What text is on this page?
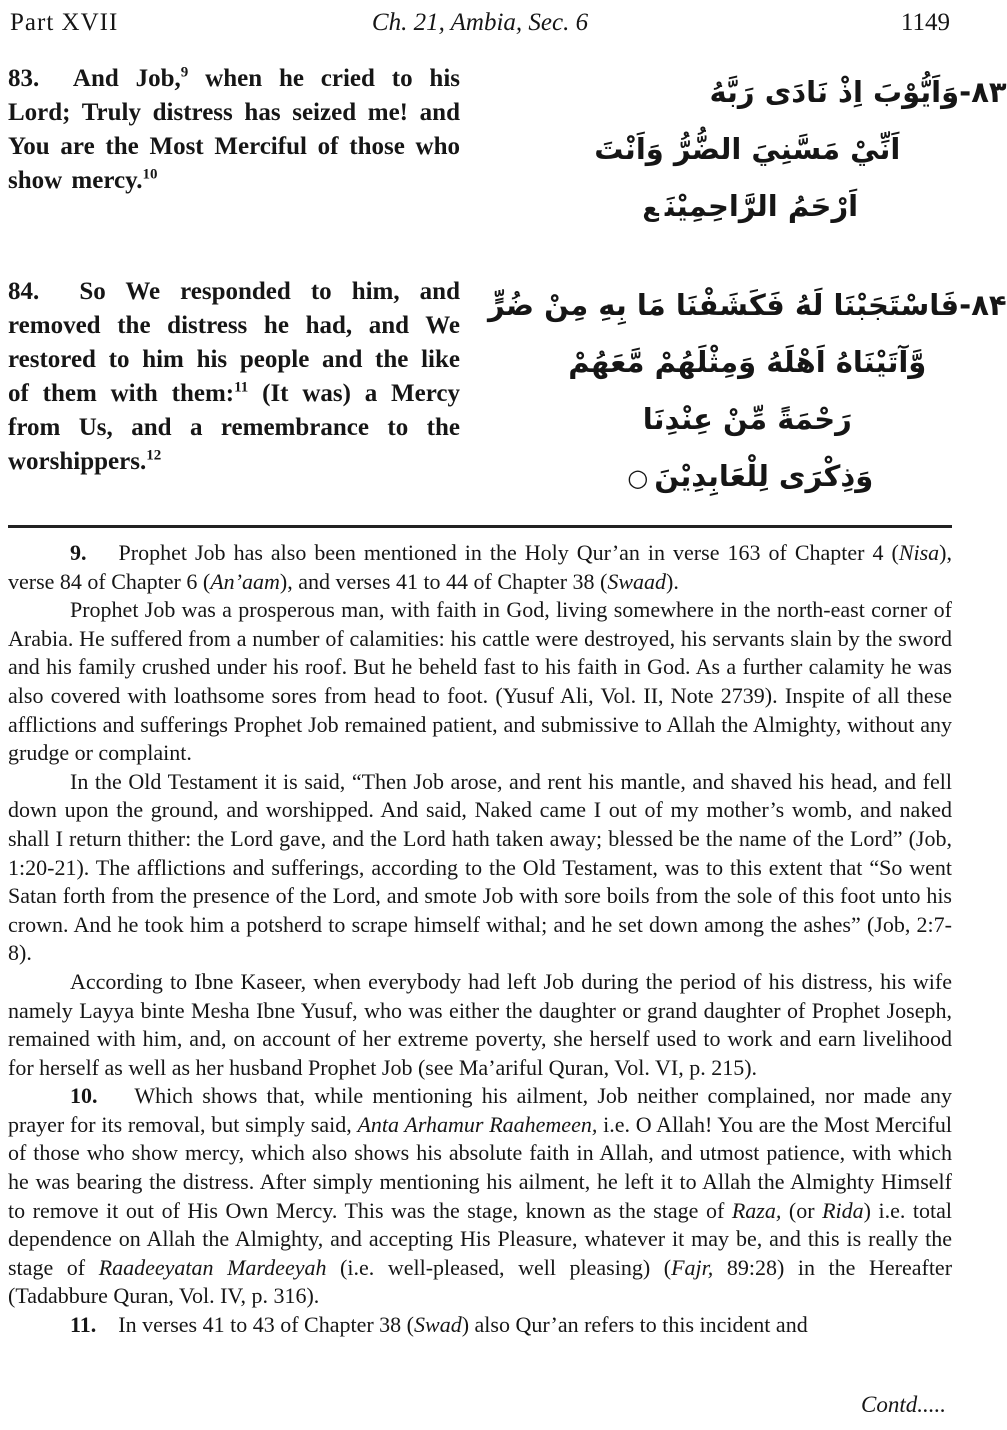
Part XVII	Ch. 21, Ambia, Sec. 6	1149
83.  And Job,$^9$ when he cried to his Lord; Truly distress has seized me! and You are the Most Merciful of those who show mercy.$^{10}$
-۸۳وَاَيُّوْبَ اِذْ نَادَى رَبَّهُ
اَنِّيْ مَسَّنِيَ الضُّرُّ وَاَنْتَ
اَرْحَمُ الرَّاحِمِيْنَع
84.  So We responded to him, and removed the distress he had, and We restored to him his people and the like of them with them:$^{11}$ (It was) a Mercy from Us, and a remembrance to the worshippers.$^{12}$
-۸۴فَاسْتَجَبْنَا لَهُ فَكَشَفْنَا مَا بِهِ مِنْ ضُرٍّ
وَّآتَيْنَاهُ اَهْلَهُ وَمِثْلَهُمْ مَّعَهُمْ
رَحْمَةً مِّنْ عِنْدِنَا
وَذِكْرَى لِلْعَابِدِيْنَ○

9.    Prophet Job has also been mentioned in the Holy Qur’an in verse 163 of Chapter 4 (Nisa), verse 84 of Chapter 6 (An’aam), and verses 41 to 44 of Chapter 38 (Swaad).

Prophet Job was a prosperous man, with faith in God, living somewhere in the north-east corner of Arabia. He suffered from a number of calamities: his cattle were destroyed, his servants slain by the sword and his family crushed under his roof. But he beheld fast to his faith in God. As a further calamity he was also covered with loathsome sores from head to foot. (Yusuf Ali, Vol. II, Note 2739). Inspite of all these afflictions and sufferings Prophet Job remained patient, and submissive to Allah the Almighty, without any grudge or complaint.

In the Old Testament it is said, “Then Job arose, and rent his mantle, and shaved his head, and fell down upon the ground, and worshipped. And said, Naked came I out of my mother’s womb, and naked shall I return thither: the Lord gave, and the Lord hath taken away; blessed be the name of the Lord” (Job, 1:20-21). The afflictions and sufferings, according to the Old Testament, was to this extent that “So went Satan forth from the presence of the Lord, and smote Job with sore boils from the sole of this foot unto his crown. And he took him a potsherd to scrape himself withal; and he set down among the ashes” (Job, 2:7-8).

According to Ibne Kaseer, when everybody had left Job during the period of his distress, his wife namely Layya binte Mesha Ibne Yusuf, who was either the daughter or grand daughter of Prophet Joseph, remained with him, and, on account of her extreme poverty, she herself used to work and earn livelihood for herself as well as her husband Prophet Job (see Ma’ariful Quran, Vol. VI, p. 215).

10.    Which shows that, while mentioning his ailment, Job neither complained, nor made any prayer for its removal, but simply said, Anta Arhamur Raahemeen, i.e. O Allah! You are the Most Merciful of those who show mercy, which also shows his absolute faith in Allah, and utmost patience, with which he was bearing the distress. After simply mentioning his ailment, he left it to Allah the Almighty Himself to remove it out of His Own Mercy. This was the stage, known as the stage of Raza, (or Rida) i.e. total dependence on Allah the Almighty, and accepting His Pleasure, whatever it may be, and this is really the stage of Raadeeyatan Mardeeyah (i.e. well-pleased, well pleasing) (Fajr, 89:28) in the Hereafter (Tadabbure Quran, Vol. IV, p. 316).

11.    In verses 41 to 43 of Chapter 38 (Swad) also Qur’an refers to this incident and

Contd.....
